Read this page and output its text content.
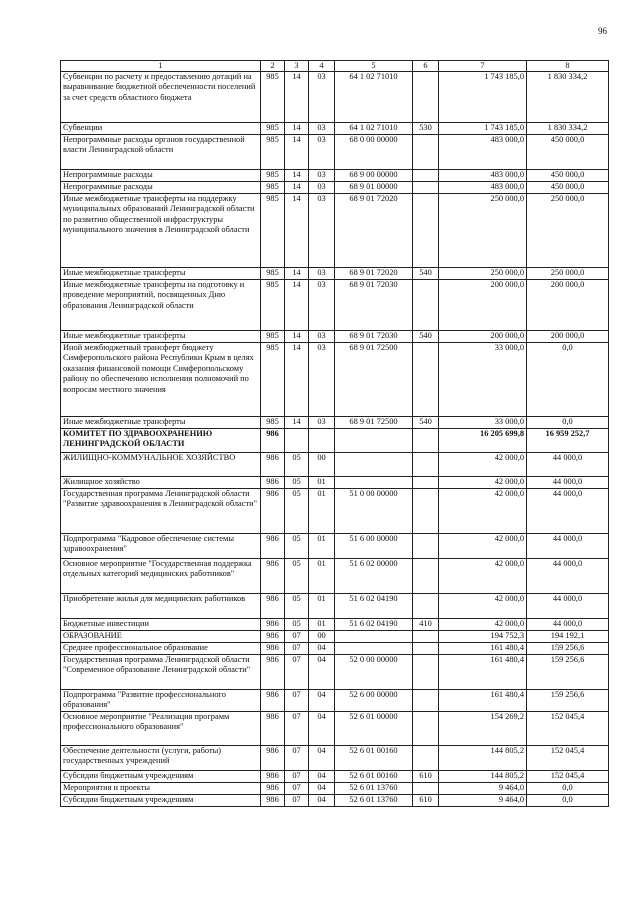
96
1	2	3	4	5	6	7	8
Субвенции по расчету и предоставлению дотаций на выравнивание бюджетной обеспеченности поселений за счет средств областного бюджета	985	14	03	64 1 02 71010		1 743 185,0	1 830 334,2
Субвенции	985	14	03	64 1 02 71010	530	1 743 185,0	1 830 334,2
Непрограммные расходы органов государственной власти Ленинградской области	985	14	03	68 0 00 00000		483 000,0	450 000,0
Непрограммные расходы	985	14	03	68 9 00 00000		483 000,0	450 000,0
Непрограммные расходы	985	14	03	68 9 01 00000		483 000,0	450 000,0
Иные межбюджетные трансферты на поддержку муниципальных образований Ленинградской области по развитию общественной инфраструктуры муниципального значения в Ленинградской области	985	14	03	68 9 01 72020		250 000,0	250 000,0
Иные межбюджетные трансферты	985	14	03	68 9 01 72020	540	250 000,0	250 000,0
Иные межбюджетные трансферты на подготовку и проведение мероприятий, посвященных Дню образования Ленинградской области	985	14	03	68 9 01 72030		200 000,0	200 000,0
Иные межбюджетные трансферты	985	14	03	68 9 01 72030	540	200 000,0	200 000,0
Иной межбюджетный трансферт бюджету Симферопольского района Республики Крым в целях оказания финансовой помощи Симферопольскому району по обеспечению исполнения полномочий по вопросам местного значения	985	14	03	68 9 01 72500		33 000,0	0,0
Иные межбюджетные трансферты	985	14	03	68 9 01 72500	540	33 000,0	0,0
КОМИТЕТ ПО ЗДРАВООХРАНЕНИЮ ЛЕНИНГРАДСКОЙ ОБЛАСТИ	986					16 205 699,8	16 959 252,7
ЖИЛИЩНО-КОММУНАЛЬНОЕ ХОЗЯЙСТВО	986	05	00			42 000,0	44 000,0
Жилищное хозяйство	986	05	01			42 000,0	44 000,0
Государственная программа Ленинградской области "Развитие здравоохранения в Ленинградской области"	986	05	01	51 0 00 00000		42 000,0	44 000,0
Подпрограмма "Кадровое обеспечение системы здравоохранения"	986	05	01	51 6 00 00000		42 000,0	44 000,0
Основное мероприятие "Государственная поддержка отдельных категорий медицинских работников"	986	05	01	51 6 02 00000		42 000,0	44 000,0
Приобретение жилья для медицинских работников	986	05	01	51 6 02 04190		42 000,0	44 000,0
Бюджетные инвестиции	986	05	01	51 6 02 04190	410	42 000,0	44 000,0
ОБРАЗОВАНИЕ	986	07	00			194 752,3	194 192,1
Среднее профессиональное образование	986	07	04			161 480,4	159 256,6
Государственная программа Ленинградской области "Современное образование Ленинградской области"	986	07	04	52 0 00 00000		161 480,4	159 256,6
Подпрограмма "Развитие профессионального образования"	986	07	04	52 6 00 00000		161 480,4	159 256,6
Основное мероприятие "Реализация программ профессионального образования"	986	07	04	52 6 01 00000		154 269,2	152 045,4
Обеспечение деятельности (услуги, работы) государственных учреждений	986	07	04	52 6 01 00160		144 805,2	152 045,4
Субсидии бюджетным учреждениям	986	07	04	52 6 01 00160	610	144 805,2	152 045,4
Мероприятия и проекты	986	07	04	52 6 01 13760		9 464,0	0,0
Субсидии бюджетным учреждениям	986	07	04	52 6 01 13760	610	9 464,0	0,0
